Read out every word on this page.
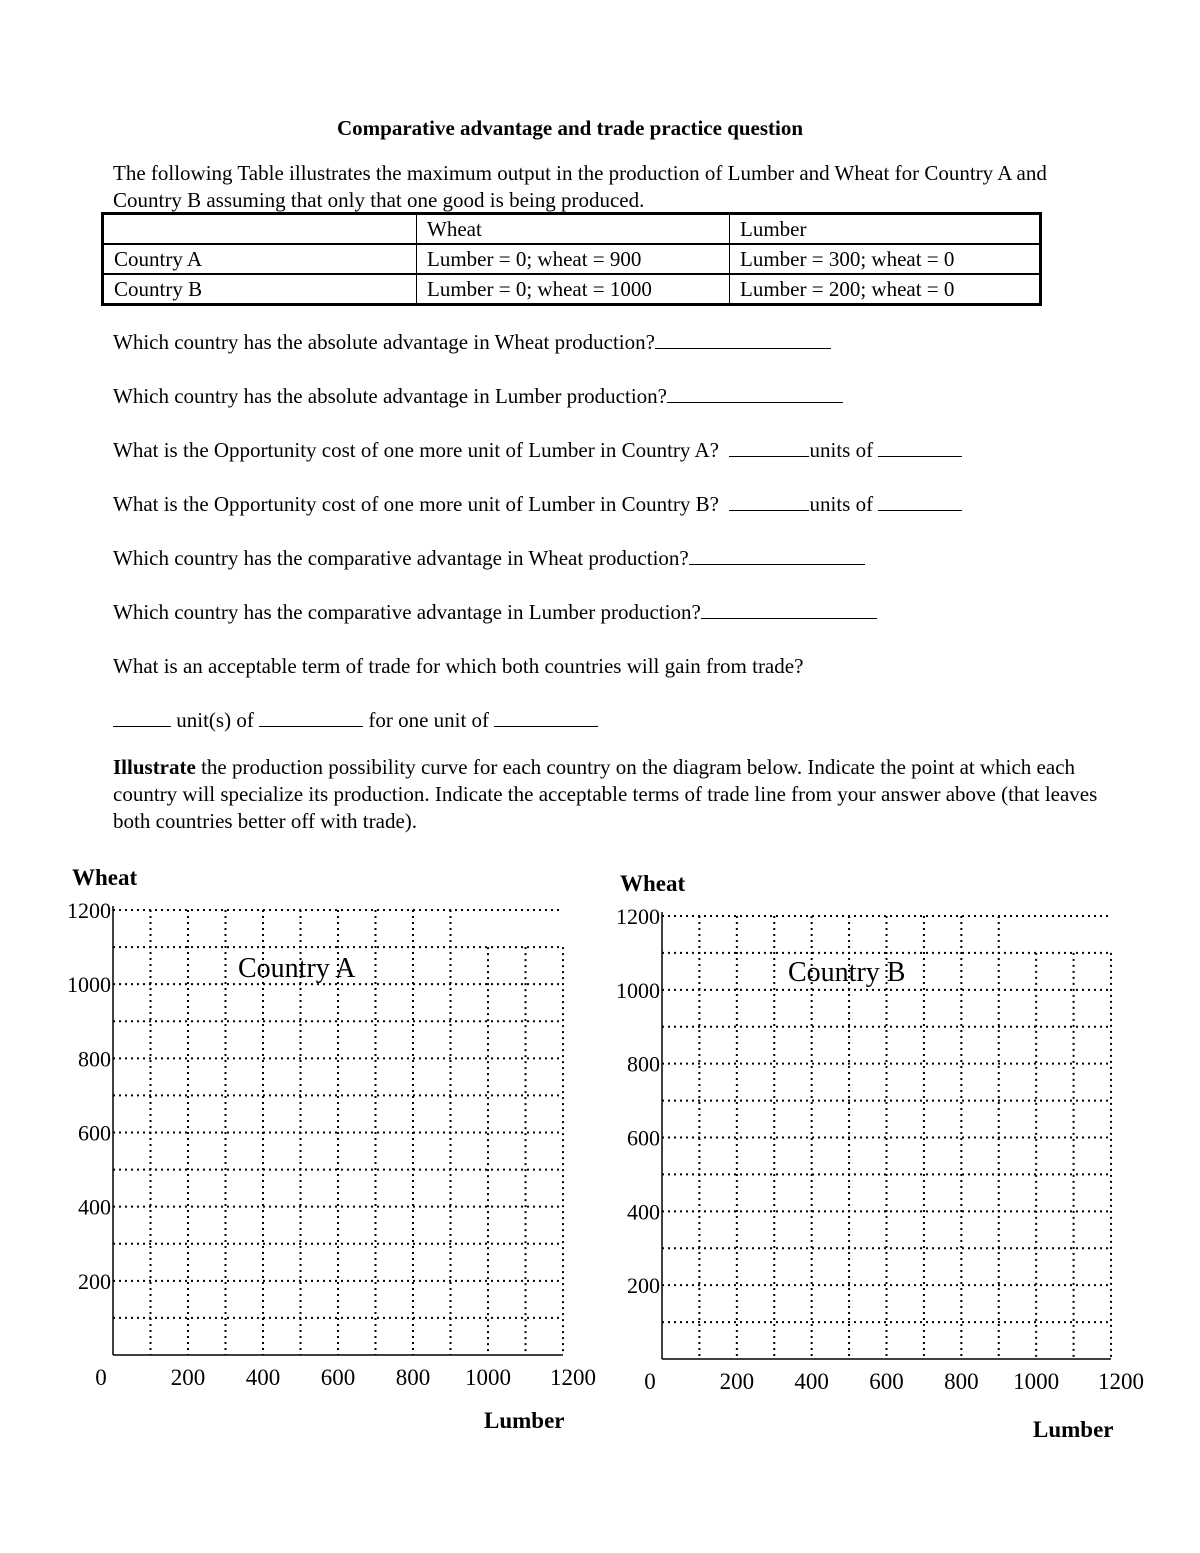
Comparative advantage and trade practice question
The following Table illustrates the maximum output in the production of Lumber and Wheat for Country A and Country B assuming that only that one good is being produced.
	Wheat	Lumber
Country A	Lumber = 0; wheat = 900	Lumber = 300; wheat = 0
Country B	Lumber = 0; wheat = 1000	Lumber = 200; wheat = 0
Which country has the absolute advantage in Wheat production?
Which country has the absolute advantage in Lumber production?
What is the Opportunity cost of one more unit of Lumber in Country A?	units of
What is the Opportunity cost of one more unit of Lumber in Country B?	units of
Which country has the comparative advantage in Wheat production?
Which country has the comparative advantage in Lumber production?
What is an acceptable term of trade for which both countries will gain from trade?
unit(s) of	for one unit of
Illustrate the production possibility curve for each country on the diagram below. Indicate the point at which each country will specialize its production. Indicate the acceptable terms of trade line from your answer above (that leaves both countries better off with trade).
200
400
600
800
1000
1200
0	200 400 600 800 1000 1200
Wheat
Lumber
Country A
200
400
600
800
1000
1200
0	200 400 600 800 1000 1200
Wheat
Lumber
Country B
